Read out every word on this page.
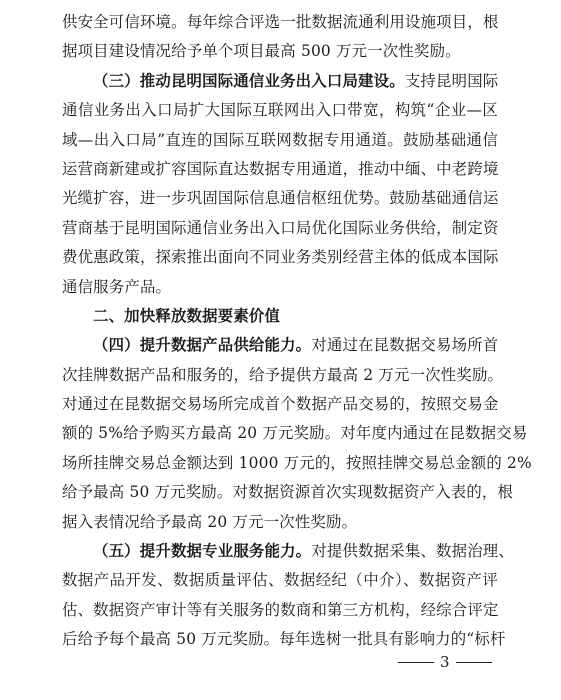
供安全可信环境。每年综合评选一批数据流通利用设施项目，根
据项目建设情况给予单个项目最高 500 万元一次性奖励。
（三）推动昆明国际通信业务出入口局建设。支持昆明国际
通信业务出入口局扩大国际互联网出入口带宽，构筑“企业—区
域—出入口局”直连的国际互联网数据专用通道。鼓励基础通信
运营商新建或扩容国际直达数据专用通道，推动中缅、中老跨境
光缆扩容，进一步巩固国际信息通信枢纽优势。鼓励基础通信运
营商基于昆明国际通信业务出入口局优化国际业务供给，制定资
费优惠政策，探索推出面向不同业务类别经营主体的低成本国际
通信服务产品。
二、加快释放数据要素价值
（四）提升数据产品供给能力。对通过在昆数据交易场所首
次挂牌数据产品和服务的，给予提供方最高 2 万元一次性奖励。
对通过在昆数据交易场所完成首个数据产品交易的，按照交易金
额的 5%给予购买方最高 20 万元奖励。对年度内通过在昆数据交易
场所挂牌交易总金额达到 1000 万元的，按照挂牌交易总金额的 2%
给予最高 50 万元奖励。对数据资源首次实现数据资产入表的，根
据入表情况给予最高 20 万元一次性奖励。
（五）提升数据专业服务能力。对提供数据采集、数据治理、
数据产品开发、数据质量评估、数据经纪（中介）、数据资产评
估、数据资产审计等有关服务的数商和第三方机构，经综合评定
后给予每个最高 50 万元奖励。每年选树一批具有影响力的“标杆
3
